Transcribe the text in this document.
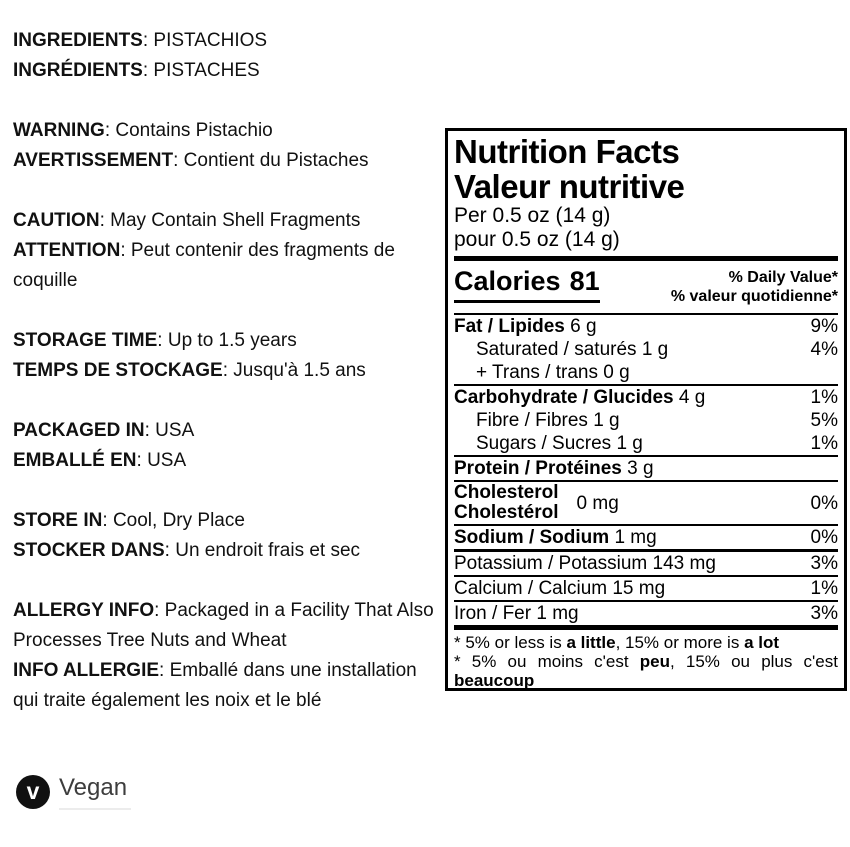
INGREDIENTS: PISTACHIOS

INGRÉDIENTS: PISTACHES

WARNING: Contains Pistachio

AVERTISSEMENT: Contient du Pistaches

CAUTION: May Contain Shell Fragments

ATTENTION: Peut contenir des fragments de coquille

STORAGE TIME: Up to 1.5 years

TEMPS DE STOCKAGE: Jusqu'à 1.5 ans

PACKAGED IN: USA

EMBALLÉ EN: USA

STORE IN: Cool, Dry Place

STOCKER DANS: Un endroit frais et sec

ALLERGY INFO: Packaged in a Facility That Also Processes Tree Nuts and Wheat

INFO ALLERGIE: Emballé dans une installation qui traite également les noix et le blé

v Vegan
Nutrition Facts
Valeur nutritive
Per 0.5 oz (14 g)
pour 0.5 oz (14 g)
Calories 81	% Daily Value*
% valeur quotidienne*
Fat / Lipides 6 g	9%
Saturated / saturés 1 g	4%
+ Trans / trans 0 g
Carbohydrate / Glucides 4 g	1%
Fibre / Fibres 1 g	5%
Sugars / Sucres 1 g	1%
Protein / Protéines 3 g
Cholesterol
Cholestérol 0 mg	0%
Sodium / Sodium 1 mg	0%
Potassium / Potassium 143 mg	3%
Calcium / Calcium 15 mg	1%
Iron / Fer 1 mg	3%

* 5% or less is a little, 15% or more is a lot

* 5% ou moins c'est peu, 15% ou plus c'est beaucoup
